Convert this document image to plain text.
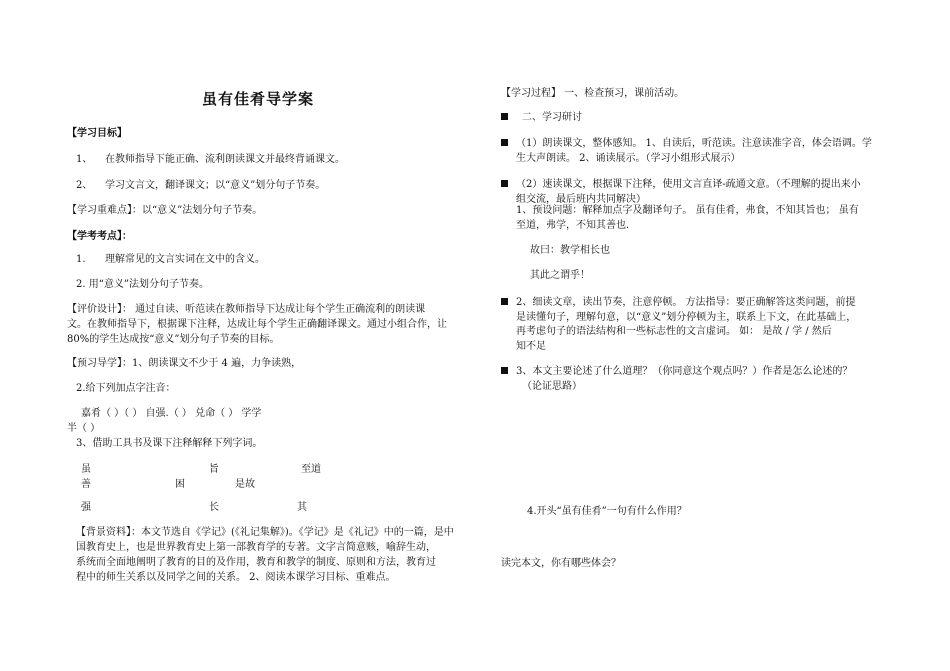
虽有佳肴导学案
【学习目标】
1、 在教师指导下能正确、流利朗读课文并最终背诵课文。
2、 学习文言文，翻译课文；以“意义”划分句子节奏。
【学习重难点】：以“意义”法划分句子节奏。
【学考考点】：
1. 理解常见的文言实词在文中的含义。
2. 用“意义”法划分句子节奏。
【评价设计】： 通过自读、听范读在教师指导下达成让每个学生正确流利的朗读课
文。在教师指导下，根据课下注释，达成让每个学生正确翻译课文。通过小组合作，让
80%的学生达成按“意义”划分句子节奏的目标。
【预习导学】：1、朗读课文不少于 4 遍，力争读熟，
2.给下列加点字注音：
嘉肴（ ）（ ） 自强.（ ） 兑命（ ） 学学
半（ ）
3、借助工具书及课下注释解释下列字词。
虽	旨	至道
善	困	是故
强	长	其
【背景资料】：本文节选自《学记》(《礼记集解》)。《学记》是《礼记》中的一篇，是中
国教育史上，也是世界教育史上第一部教育学的专著。文字言简意赅，喻辞生动，
系统而全面地阐明了教育的目的及作用，教育和教学的制度、原则和方法，教育过
程中的师生关系以及同学之间的关系。 2、阅读本课学习目标、重难点。
【学习过程】 一、检查预习，课前活动。
二、学习研讨
（1）朗读课文，整体感知。 1、自读后，听范读。注意读准字音，体会语调。学
生大声朗读。 2、诵读展示。（学习小组形式展示）
（2）速读课文，根据课下注释，使用文言直译-疏通文意。（不理解的提出来小
组交流，最后班内共同解决）
1、预设问题：解释加点字及翻译句子。 虽有佳肴，弗食，不知其旨也； 虽有
至道，弗学，不知其善也.
故曰：教学相长也
其此之谓乎！
2、细读文章，读出节奏，注意停顿。 方法指导：要正确解答这类问题，前提
是读懂句子，理解句意，以“意义”划分停顿为主，联系上下文，在此基础上，
再考虑句子的语法结构和一些标志性的文言虚词。 如： 是故 / 学 / 然后
知不足
3、本文主要论述了什么道理？（你同意这个观点吗？）作者是怎么论述的？
（论证思路）
4.开头“虽有佳肴”一句有什么作用？
读完本文，你有哪些体会？
